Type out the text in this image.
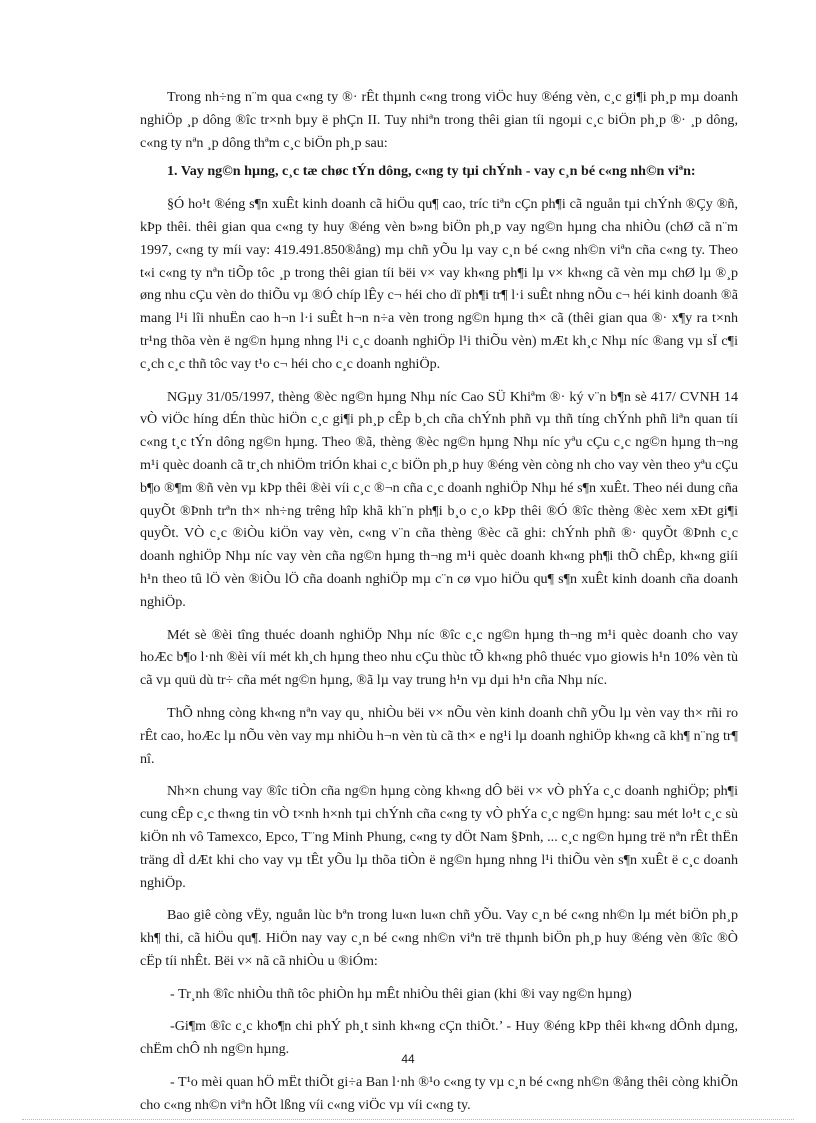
Trong nh÷ng n¨m qua c«ng ty ®· rÊt thµnh c«ng trong viÖc huy ®éng vèn, c¸c gi¶i ph¸p mµ doanh nghiÖp ¸p dông ®îc tr×nh bµy ë phÇn II. Tuy nhiªn trong thêi gian tíi ngoµi c¸c biÖn ph¸p ®· ¸p dông, c«ng ty nªn ¸p dông thªm c¸c biÖn ph¸p sau:

1. Vay ng©n hµng, c¸c tæ chøc tÝn dông, c«ng ty tµi chÝnh - vay c¸n bé c«ng nh©n viªn:

§Ó ho¹t ®éng s¶n xuÊt kinh doanh cã hiÖu qu¶ cao, tríc tiªn cÇn ph¶i cã nguån tµi chÝnh ®Çy ®ñ, kÞp thêi. thêi gian qua c«ng ty huy ®éng vèn b»ng biÖn ph¸p vay ng©n hµng cha nhiÒu (chØ cã n¨m 1997, c«ng ty míi vay: 419.491.850®ång) mµ chñ yÕu lµ vay c¸n bé c«ng nh©n viªn cña c«ng ty. Theo t«i c«ng ty nªn tiÕp tôc ¸p trong thêi gian tíi bëi v× vay kh«ng ph¶i lµ v× kh«ng cã vèn mµ chØ lµ ®¸p øng nhu cÇu vèn do thiÕu vµ ®Ó chíp lÊy c¬ héi cho dï ph¶i tr¶ l·i suÊt nhng nÕu c¬ héi kinh doanh ®ã mang l¹i lîi nhuËn cao h¬n l·i suÊt h¬n n÷a vèn trong ng©n hµng th× cã (thêi gian qua ®· x¶y ra t×nh tr¹ng thõa vèn ë ng©n hµng nhng l¹i c¸c doanh nghiÖp l¹i thiÕu vèn) mÆt kh¸c Nhµ níc ®ang vµ sÏ c¶i c¸ch c¸c thñ tôc vay t¹o c¬ héi cho c¸c doanh nghiÖp.

NGµy 31/05/1997, thèng ®èc ng©n hµng Nhµ níc Cao SÜ Khiªm ®· ký v¨n b¶n sè 417/ CVNH 14 vÒ viÖc híng dÉn thùc hiÖn c¸c gi¶i ph¸p cÊp b¸ch cña chÝnh phñ vµ thñ tíng chÝnh phñ liªn quan tíi c«ng t¸c tÝn dông ng©n hµng. Theo ®ã, thèng ®èc ng©n hµng Nhµ níc yªu cÇu c¸c ng©n hµng th¬ng m¹i quèc doanh cã tr¸ch nhiÖm triÓn khai c¸c biÖn ph¸p huy ®éng vèn còng nh cho vay vèn theo yªu cÇu b¶o ®¶m ®ñ vèn vµ kÞp thêi ®èi víi c¸c ®¬n cña c¸c doanh nghiÖp Nhµ hé s¶n xuÊt. Theo néi dung cña quyÕt ®Þnh trªn th× nh÷ng trêng hîp khã kh¨n ph¶i b¸o c¸o kÞp thêi ®Ó ®îc thèng ®èc xem xÐt gi¶i quyÕt. VÒ c¸c ®iÒu kiÖn vay vèn, c«ng v¨n cña thèng ®èc cã ghi: chÝnh phñ ®· quyÕt ®Þnh c¸c doanh nghiÖp Nhµ níc vay vèn cña ng©n hµng th¬ng m¹i quèc doanh kh«ng ph¶i thÕ chÊp, kh«ng giíi h¹n theo tû lÖ vèn ®iÒu lÖ cña doanh nghiÖp mµ c¨n cø vµo hiÖu qu¶ s¶n xuÊt kinh doanh cña doanh nghiÖp.

Mét sè ®èi tîng thuéc doanh nghiÖp Nhµ níc ®îc c¸c ng©n hµng th¬ng m¹i quèc doanh cho vay hoÆc b¶o l·nh ®èi víi mét kh¸ch hµng theo nhu cÇu thùc tÕ kh«ng phô thuéc vµo giowis h¹n 10% vèn tù cã vµ quü dù tr÷ cña mét ng©n hµng, ®ã lµ vay trung h¹n vµ dµi h¹n cña Nhµ níc.

ThÕ nhng còng kh«ng nªn vay qu¸ nhiÒu bëi v× nÕu vèn kinh doanh chñ yÕu lµ vèn vay th× rñi ro rÊt cao, hoÆc lµ nÕu vèn vay mµ nhiÒu h¬n vèn tù cã th× e ng¹i lµ doanh nghiÖp kh«ng cã kh¶ n¨ng tr¶ nî.

Nh×n chung vay ®îc tiÒn cña ng©n hµng còng kh«ng dÔ bëi v× vÒ phÝa c¸c doanh nghiÖp; ph¶i cung cÊp c¸c th«ng tin vÒ t×nh h×nh tµi chÝnh cña c«ng ty vÒ phÝa c¸c ng©n hµng: sau mét lo¹t c¸c sù kiÖn nh vô Tamexco, Epco, T¨ng Minh Phung, c«ng ty dÖt Nam §Þnh, ... c¸c ng©n hµng trë nªn rÊt thËn träng dÌ dÆt khi cho vay vµ tÊt yÕu lµ thõa tiÒn ë ng©n hµng nhng l¹i thiÕu vèn s¶n xuÊt ë c¸c doanh nghiÖp.

Bao giê còng vËy, nguån lùc bªn trong lu«n lu«n chñ yÕu. Vay c¸n bé c«ng nh©n lµ mét biÖn ph¸p kh¶ thi, cã hiÖu qu¶. HiÖn nay vay c¸n bé c«ng nh©n viªn trë thµnh biÖn ph¸p huy ®éng vèn ®îc ®Ò cËp tíi nhÊt. Bëi v× nã cã nhiÒu u ®iÓm:

- Tr¸nh ®îc nhiÒu thñ tôc phiÒn hµ mÊt nhiÒu thêi gian (khi ®i vay ng©n hµng)

-Gi¶m ®îc c¸c kho¶n chi phÝ ph¸t sinh kh«ng cÇn thiÕt.’ - Huy ®éng kÞp thêi kh«ng dÔnh dµng, chËm chÔ nh ng©n hµng.

- T¹o mèi quan hÖ mËt thiÕt gi÷a Ban l·nh ®¹o c«ng ty vµ c¸n bé c«ng nh©n ®ång thêi còng khiÕn cho c«ng nh©n viªn hÕt lßng víi c«ng viÖc vµ víi c«ng ty.

44
